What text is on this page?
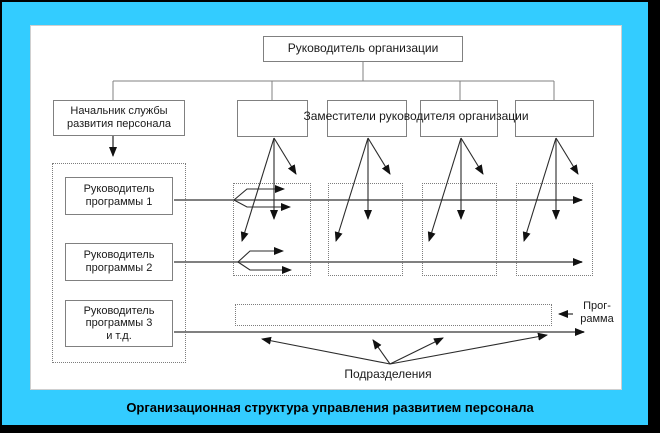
Руководитель организации
Начальник службы
развития персонала
Заместители руководителя организации
Руководитель
программы 1
Руководитель
программы 2
Руководитель
программы 3
и т.д.
Прог- рамма
Подразделения
Организационная структура управления развитием персонала
